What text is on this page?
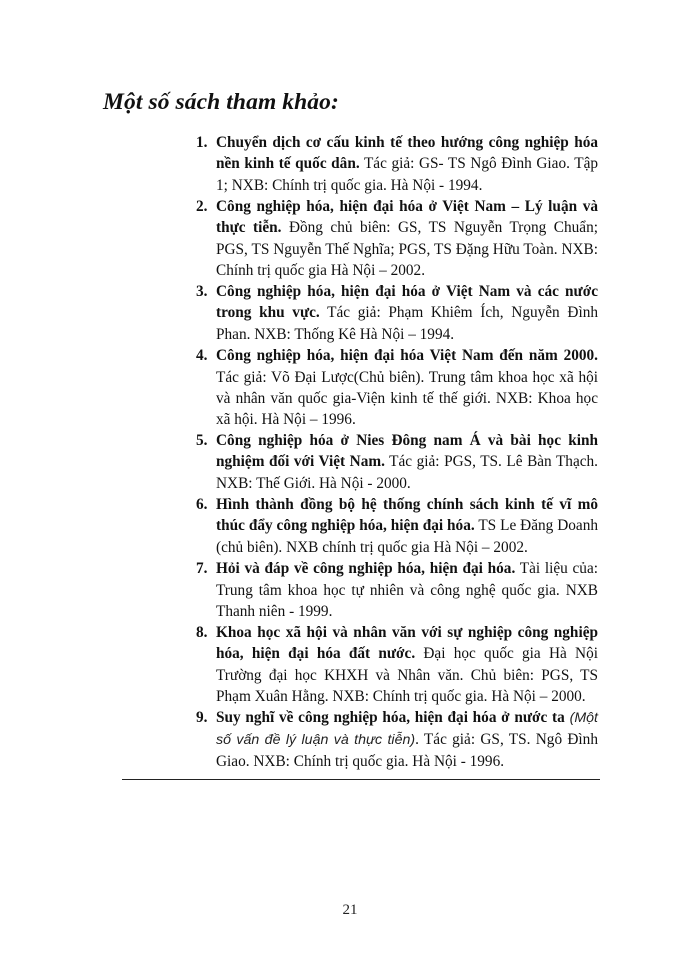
Một số sách tham khảo:
1. Chuyển dịch cơ cấu kinh tế theo hướng công nghiệp hóa nền kinh tế quốc dân. Tác giả: GS- TS Ngô Đình Giao. Tập 1; NXB: Chính trị quốc gia. Hà Nội - 1994.
2. Công nghiệp hóa, hiện đại hóa ở Việt Nam – Lý luận và thực tiễn. Đồng chủ biên: GS, TS Nguyễn Trọng Chuẩn; PGS, TS Nguyễn Thế Nghĩa; PGS, TS Đặng Hữu Toàn. NXB: Chính trị quốc gia Hà Nội – 2002.
3. Công nghiệp hóa, hiện đại hóa ở Việt Nam và các nước trong khu vực. Tác giả: Phạm Khiêm Ích, Nguyễn Đình Phan. NXB: Thống Kê Hà Nội – 1994.
4. Công nghiệp hóa, hiện đại hóa Việt Nam đến năm 2000. Tác giả: Võ Đại Lược(Chủ biên). Trung tâm khoa học xã hội và nhân văn quốc gia-Viện kinh tế thế giới. NXB: Khoa học xã hội. Hà Nội – 1996.
5. Công nghiệp hóa ở Nies Đông nam Á và bài học kinh nghiệm đối với Việt Nam. Tác giả: PGS, TS. Lê Bàn Thạch. NXB: Thế Giới. Hà Nội - 2000.
6. Hình thành đồng bộ hệ thống chính sách kinh tế vĩ mô thúc đẩy công nghiệp hóa, hiện đại hóa. TS Le Đăng Doanh (chủ biên). NXB chính trị quốc gia Hà Nội – 2002.
7. Hỏi và đáp về công nghiệp hóa, hiện đại hóa. Tài liệu của: Trung tâm khoa học tự nhiên và công nghệ quốc gia. NXB Thanh niên - 1999.
8. Khoa học xã hội và nhân văn với sự nghiệp công nghiệp hóa, hiện đại hóa đất nước. Đại học quốc gia Hà Nội Trường đại học KHXH và Nhân văn. Chủ biên: PGS, TS Phạm Xuân Hằng. NXB: Chính trị quốc gia. Hà Nội – 2000.
9. Suy nghĩ về công nghiệp hóa, hiện đại hóa ở nước ta (Một số vấn đề lý luận và thực tiễn). Tác giả: GS, TS. Ngô Đình Giao. NXB: Chính trị quốc gia. Hà Nội - 1996.
21
